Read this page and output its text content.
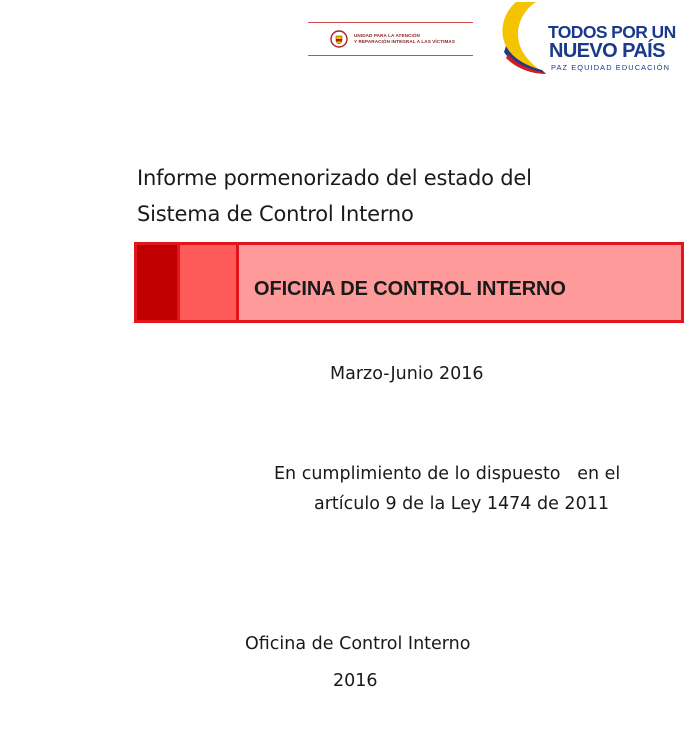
UNIDAD PARA LA ATENCIÓN
Y REPARACIÓN INTEGRAL A LAS VÍCTIMAS	TODOS POR UN
NUEVO PAÍS
PAZ EQUIDAD EDUCACIÓN
Informe pormenorizado del estado del
Sistema de Control Interno
OFICINA DE CONTROL INTERNO
Marzo-Junio 2016
En cumplimiento de lo dispuesto   en el
artículo 9 de la Ley 1474 de 2011
Oficina de Control Interno
2016
